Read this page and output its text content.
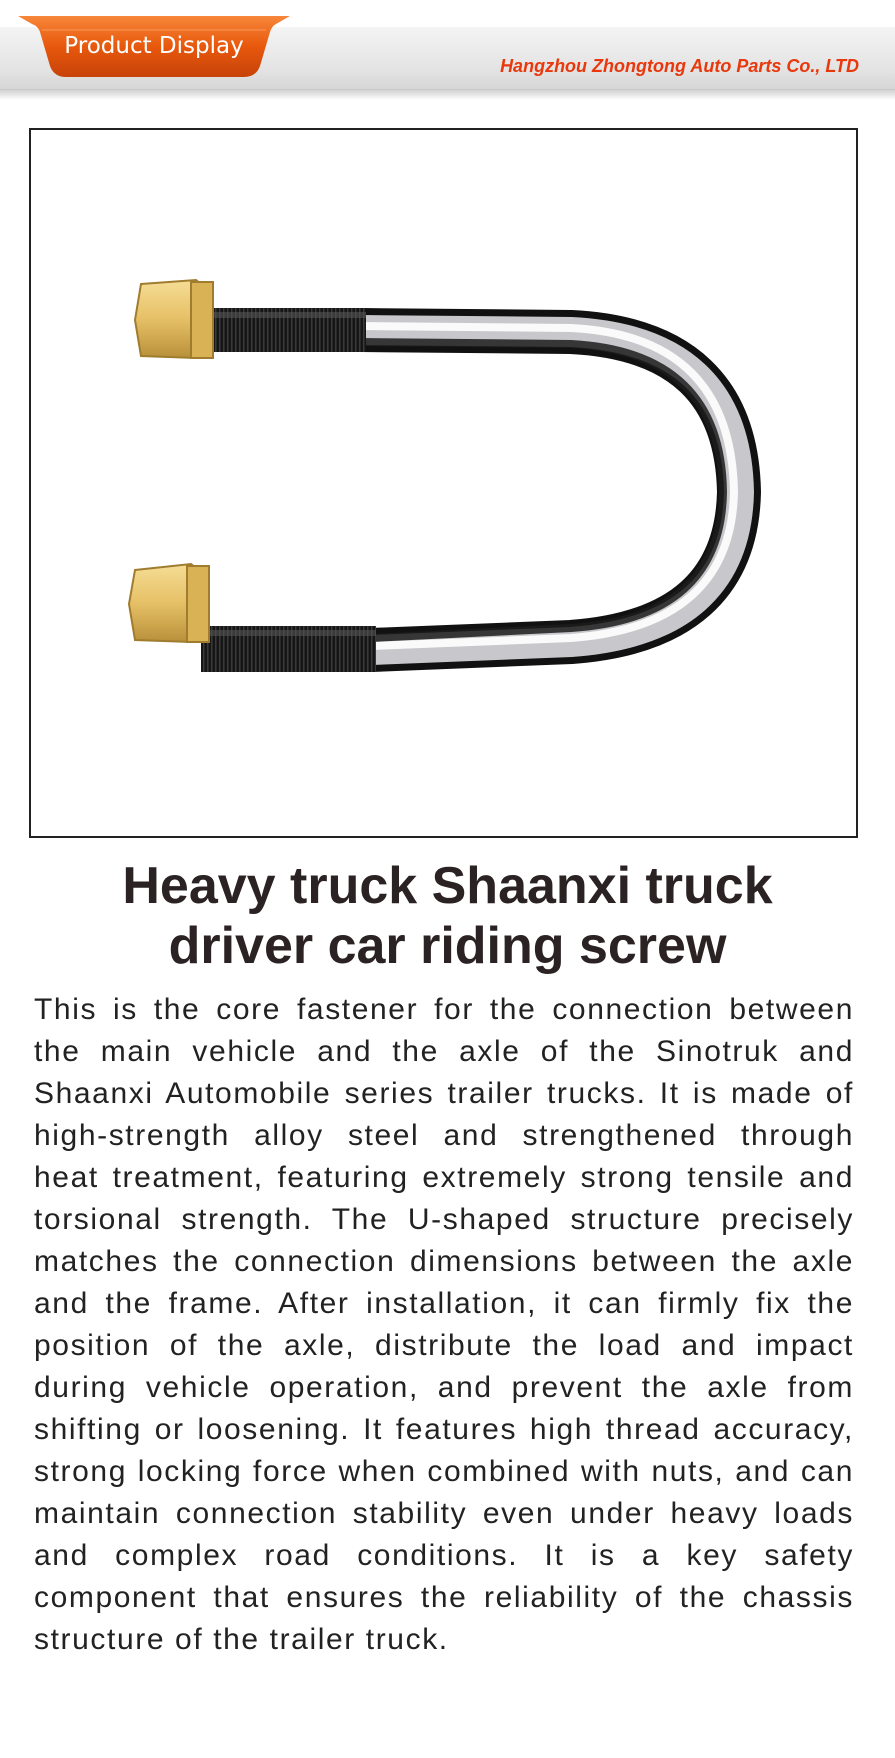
Product Display
Hangzhou Zhongtong Auto Parts Co., LTD
Heavy truck Shaanxi truck
driver car riding screw
This is the core fastener for the connection between the main vehicle and the axle of the Sinotruk and Shaanxi Automobile series trailer trucks. It is made of high-strength alloy steel and strengthened through heat treatment, featuring extremely strong tensile and torsional strength. The U-shaped structure precisely matches the connection dimensions between the axle and the frame. After installation, it can firmly fix the position of the axle, distribute the load and impact during vehicle operation, and prevent the axle from shifting or loosening. It features high thread accuracy, strong locking force when combined with nuts, and can maintain connection stability even under heavy loads and complex road conditions. It is a key safety component that ensures the reliability of the chassis structure of the trailer truck.
